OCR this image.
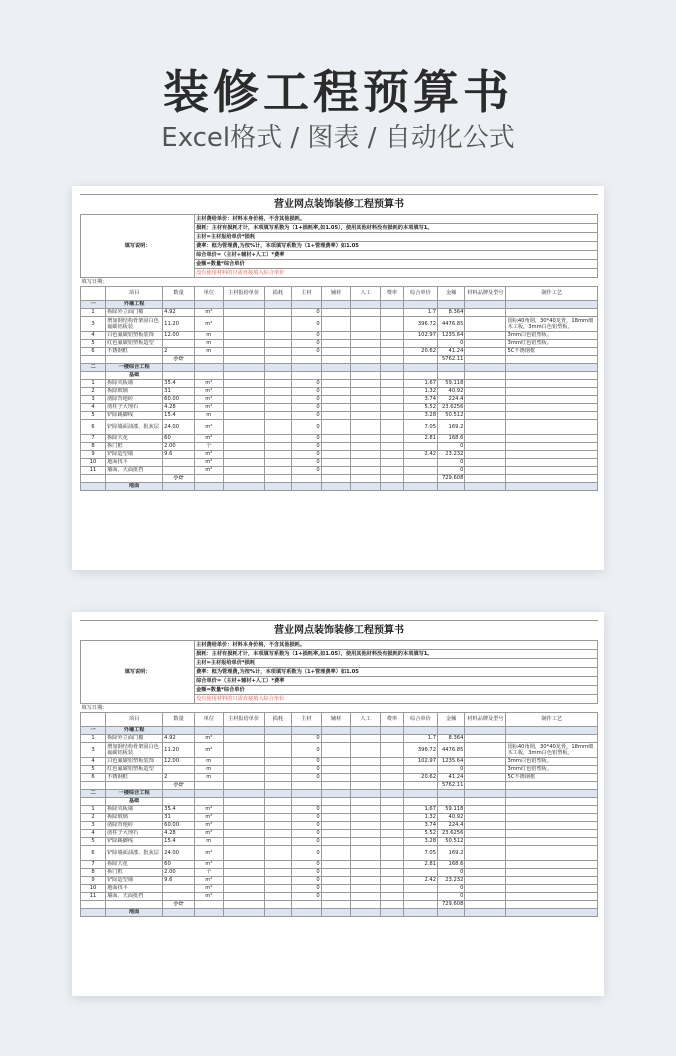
装修工程预算书
Excel格式 / 图表 / 自动化公式
营业网点装饰装修工程预算书													
填写说明：			主材费给单价：材料本身价格，不含其他损耗。										
			损耗：主材有损耗才计，本项填写系数为（1+损耗率,如1.05），使用其他材料没有损耗的本项填写1。										
			主材=主材报给单价*损耗										
			费率：框为管理费,为按%计，本项填写系数为（1+管理费率）如1.05										
			综合单价=（主材+辅材+人工）*费率										
			金额=数量*综合单价										
			没有使用材料的只需直接填入综合单价										
填写日期:													
	项目	数量	单位	主材报给单价	损耗	主材	辅材	人工	费率	综合单价	金额	材料品牌及型号	制作工艺
一	外墙工程												
1	拆除外立面门楣	4.92	m²			0				1.7	8.364		
3	增加钢结构骨架固白色氟碳铝板装	11.20	m²			0				396.72	4476.85		国标40角钢，30*40龙骨，18mm细木工板，3mm白色铝塑板。
4	白色氟碳铝塑板装饰	12.00	m			0				102.97	1235.64		3mm白色铝塑板。
5	红色氟碳铝塑板造型		m			0					0		3mm红色铝塑板。
6	不锈钢框	2	m			0				20.62	41.24		5C不锈钢框
		小计									5762.11		
二	一楼综合工程												
	基础												
1	拆除夹板墙	35.4	m²			0				1.67	59.118		
2	拆除玻璃	31	m²			0				1.32	40.92		
3	凿除背地砖	60.00	m²			0				3.74	224.4		
4	凿柱子大理石	4.28	m²			0				5.52	23.6256		
5	铲除踢脚线	15.4	m			0				3.28	50.512		
6	铲除墙面油漆、批灰层	24.00	m²			0				7.05	169.2		
7	拆除天花	60	m²			0				2.81	168.6		
8	拆门框	2.00	个			0					0		
9	铲除造型墙	9.6	m²			0				2.42	23.232		
10	地面找平		m²			0					0		
11	墙面、天面批挡		m²			0					0		
		小计									729.608		
	地面												
营业网点装饰装修工程预算书													
填写说明：			主材费给单价：材料本身价格，不含其他损耗。										
			损耗：主材有损耗才计，本项填写系数为（1+损耗率,如1.05），使用其他材料没有损耗的本项填写1。										
			主材=主材报给单价*损耗										
			费率：框为管理费,为按%计，本项填写系数为（1+管理费率）如1.05										
			综合单价=（主材+辅材+人工）*费率										
			金额=数量*综合单价										
			没有使用材料的只需直接填入综合单价										
填写日期:													
	项目	数量	单位	主材报给单价	损耗	主材	辅材	人工	费率	综合单价	金额	材料品牌及型号	制作工艺
一	外墙工程												
1	拆除外立面门楣	4.92	m²			0				1.7	8.364		
3	增加钢结构骨架固白色氟碳铝板装	11.20	m²			0				396.72	4476.85		国标40角钢，30*40龙骨，18mm细木工板，3mm白色铝塑板。
4	白色氟碳铝塑板装饰	12.00	m			0				102.97	1235.64		3mm白色铝塑板。
5	红色氟碳铝塑板造型		m			0					0		3mm红色铝塑板。
6	不锈钢框	2	m			0				20.62	41.24		5C不锈钢框
		小计									5762.11		
二	一楼综合工程												
	基础												
1	拆除夹板墙	35.4	m²			0				1.67	59.118		
2	拆除玻璃	31	m²			0				1.32	40.92		
3	凿除背地砖	60.00	m²			0				3.74	224.4		
4	凿柱子大理石	4.28	m²			0				5.52	23.6256		
5	铲除踢脚线	15.4	m			0				3.28	50.512		
6	铲除墙面油漆、批灰层	24.00	m²			0				7.05	169.2		
7	拆除天花	60	m²			0				2.81	168.6		
8	拆门框	2.00	个			0					0		
9	铲除造型墙	9.6	m²			0				2.42	23.232		
10	地面找平		m²			0					0		
11	墙面、天面批挡		m²			0					0		
		小计									729.608		
	地面												
